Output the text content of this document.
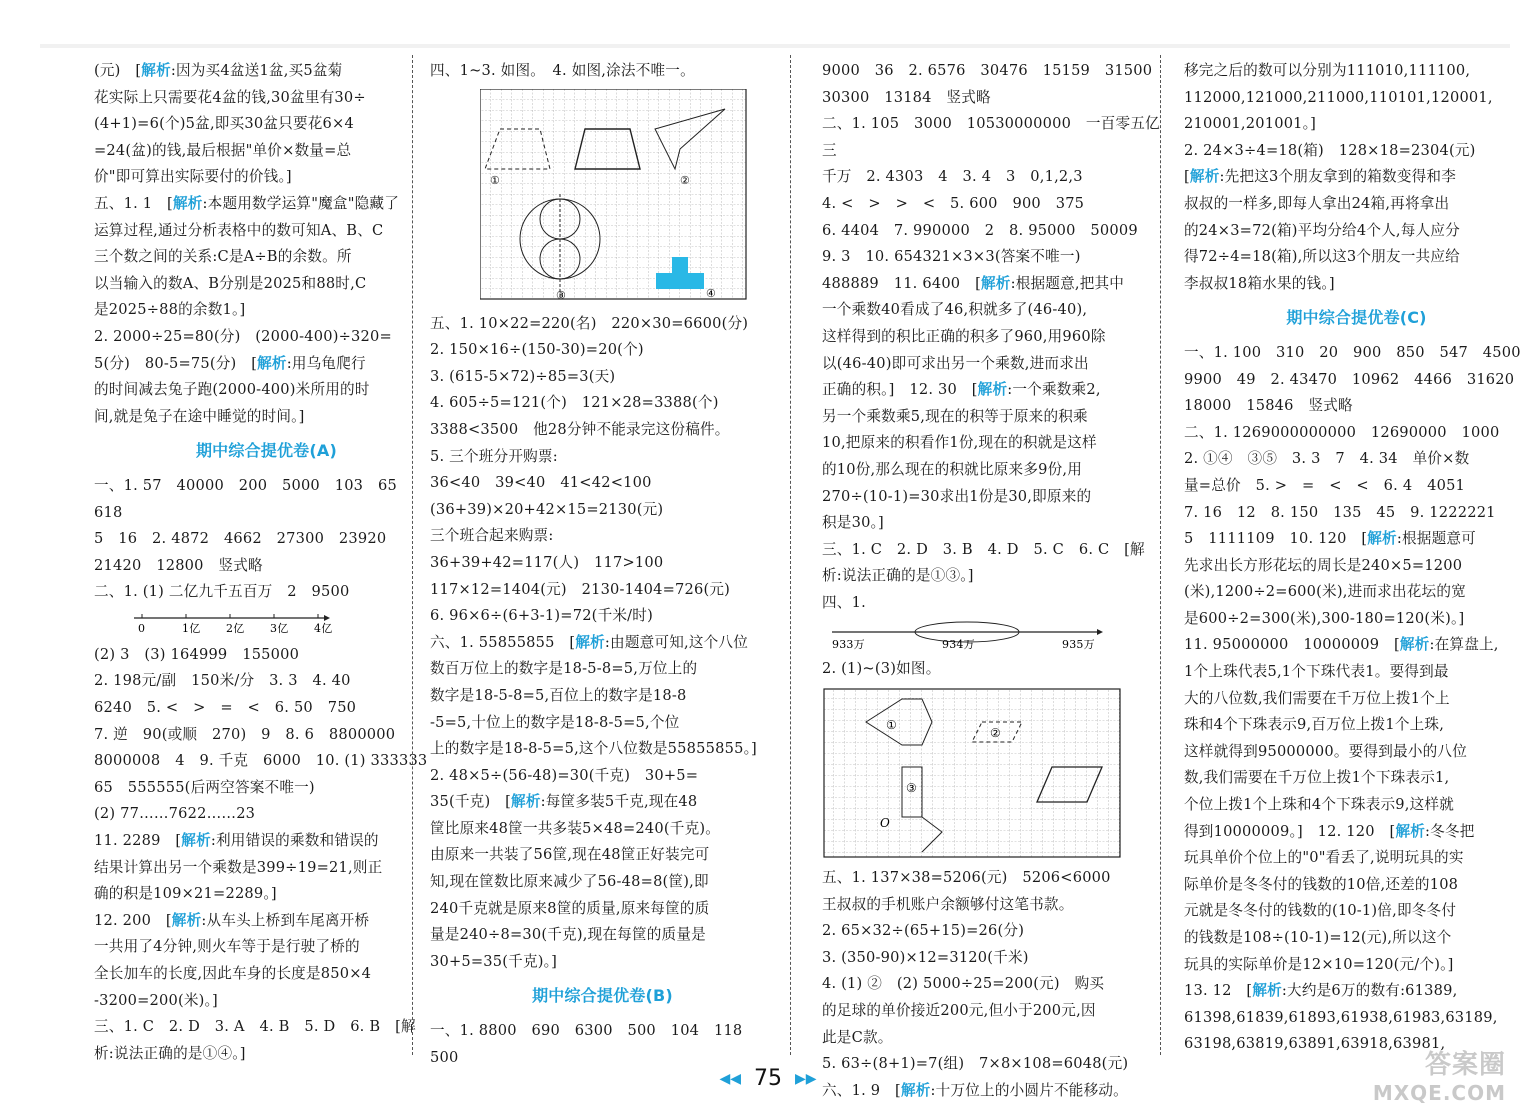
(元)　[解析:因为买4盆送1盆,买5盆菊

花实际上只需要花4盆的钱,30盆里有30÷

(4+1)=6(个)5盆,即买30盆只要花6×4

=24(盆)的钱,最后根据"单价×数量=总

价"即可算出实际要付的价钱。]

五、1. 1　[解析:本题用数学运算"魔盒"隐藏了

运算过程,通过分析表格中的数可知A、B、C

三个数之间的关系:C是A÷B的余数。所

以当输入的数A、B分别是2025和88时,C

是2025÷88的余数1。]

2. 2000÷25=80(分)　(2000-400)÷320=

5(分)　80-5=75(分)　[解析:用乌龟爬行

的时间减去兔子跑(2000-400)米所用的时

间,就是兔子在途中睡觉的时间。]

期中综合提优卷(A)

一、1. 57　40000　200　5000　103　65　618

5　16　2. 4872　4662　27300　23920

21420　12800　竖式略

二、1. (1) 二亿九千五百万　2　9500

0	1亿 2亿 3亿 4亿

(2) 3　(3) 164999　155000

2. 198元/副　150米/分　3. 3　4. 40

6240　5. <　>　=　<　6. 50　750

7. 逆　90(或顺　270)　9　8. 6　8800000

8000008　4　9. 千克　6000　10. (1) 333333

65　555555(后两空答案不唯一)

(2) 77……7622……23

11. 2289　[解析:利用错误的乘数和错误的

结果计算出另一个乘数是399÷19=21,则正

确的积是109×21=2289。]

12. 200　[解析:从车头上桥到车尾离开桥

一共用了4分钟,则火车等于是行驶了桥的

全长加车的长度,因此车身的长度是850×4

-3200=200(米)。]

三、1. C　2. D　3. A　4. B　5. D　6. B　[解

析:说法正确的是①④。]

四、1~3. 如图。　4. 如图,涂法不唯一。

①	②
③	④

五、1. 10×22=220(名)　220×30=6600(分)

2. 150×16÷(150-30)=20(个)

3. (615-5×72)÷85=3(天)

4. 605÷5=121(个)　121×28=3388(个)

3388<3500　他28分钟不能录完这份稿件。

5. 三个班分开购票:

36<40　39<40　41<42<100

(36+39)×20+42×15=2130(元)

三个班合起来购票:

36+39+42=117(人)　117>100

117×12=1404(元)　2130-1404=726(元)

6. 96×6÷(6+3-1)=72(千米/时)

六、1. 55855855　[解析:由题意可知,这个八位

数百万位上的数字是18-5-8=5,万位上的

数字是18-5-8=5,百位上的数字是18-8

-5=5,十位上的数字是18-8-5=5,个位

上的数字是18-8-5=5,这个八位数是55855855。]

2. 48×5÷(56-48)=30(千克)　30+5=

35(千克)　[解析:每筐多装5千克,现在48

筐比原来48筐一共多装5×48=240(千克)。

由原来一共装了56筐,现在48筐正好装完可

知,现在筐数比原来减少了56-48=8(筐),即

240千克就是原来8筐的质量,原来每筐的质

量是240÷8=30(千克),现在每筐的质量是

30+5=35(千克)。]

期中综合提优卷(B)

一、1. 8800　690　6300　500　104　118　500

9000　36　2. 6576　30476　15159　31500

30300　13184　竖式略

二、1. 105　3000　10530000000　一百零五亿三

千万　2. 4303　4　3. 4　3　0,1,2,3

4. <　>　>　<　5. 600　900　375

6. 4404　7. 990000　2　8. 95000　50009

9. 3　10. 654321×3×3(答案不唯一)

488889　11. 6400　[解析:根据题意,把其中

一个乘数40看成了46,积就多了(46-40),

这样得到的积比正确的积多了960,用960除

以(46-40)即可求出另一个乘数,进而求出

正确的积。]　12. 30　[解析:一个乘数乘2,

另一个乘数乘5,现在的积等于原来的积乘

10,把原来的积看作1份,现在的积就是这样

的10份,那么现在的积就比原来多9份,用

270÷(10-1)=30求出1份是30,即原来的

积是30。]

三、1. C　2. D　3. B　4. D　5. C　6. C　[解

析:说法正确的是①③。]

四、1.

933万	934万	935万

2. (1)~(3)如图。

①
②
③
O

五、1. 137×38=5206(元)　5206<6000

王叔叔的手机账户余额够付这笔书款。

2. 65×32÷(65+15)=26(分)

3. (350-90)×12=3120(千米)

4. (1) ②　(2) 5000÷25=200(元)　购买

的足球的单价接近200元,但小于200元,因

此是C款。

5. 63÷(8+1)=7(组)　7×8×108=6048(元)

六、1. 9　[解析:十万位上的小圆片不能移动。

移完之后的数可以分别为111010,111100,

112000,121000,211000,110101,120001,

210001,201001。]

2. 24×3÷4=18(箱)　128×18=2304(元)

[解析:先把这3个朋友拿到的箱数变得和李

叔叔的一样多,即每人拿出24箱,再将拿出

的24×3=72(箱)平均分给4个人,每人应分

得72÷4=18(箱),所以这3个朋友一共应给

李叔叔18箱水果的钱。]

期中综合提优卷(C)

一、1. 100　310　20　900　850　547　4500

9900　49　2. 43470　10962　4466　31620

18000　15846　竖式略

二、1. 1269000000000　12690000　1000

2. ①④　③⑤　3. 3　7　4. 34　单价×数

量=总价　5. >　=　<　<　6. 4　4051

7. 16　12　8. 150　135　45　9. 1222221

5　1111109　10. 120　[解析:根据题意可

先求出长方形花坛的周长是240×5=1200

(米),1200÷2=600(米),进而求出花坛的宽

是600÷2=300(米),300-180=120(米)。]

11. 95000000　10000009　[解析:在算盘上,

1个上珠代表5,1个下珠代表1。要得到最

大的八位数,我们需要在千万位上拨1个上

珠和4个下珠表示9,百万位上拨1个上珠,

这样就得到95000000。要得到最小的八位

数,我们需要在千万位上拨1个下珠表示1,

个位上拨1个上珠和4个下珠表示9,这样就

得到10000009。]　12. 120　[解析:冬冬把

玩具单价个位上的"0"看丢了,说明玩具的实

际单价是冬冬付的钱数的10倍,还差的108

元就是冬冬付的钱数的(10-1)倍,即冬冬付

的钱数是108÷(10-1)=12(元),所以这个

玩具的实际单价是12×10=120(元/个)。]

13. 12　[解析:大约是6万的数有:61389,

61398,61839,61893,61938,61983,63189,

63198,63819,63891,63918,63981,

◀◀ 75 ▶▶	答案圈
MXQE.COM
